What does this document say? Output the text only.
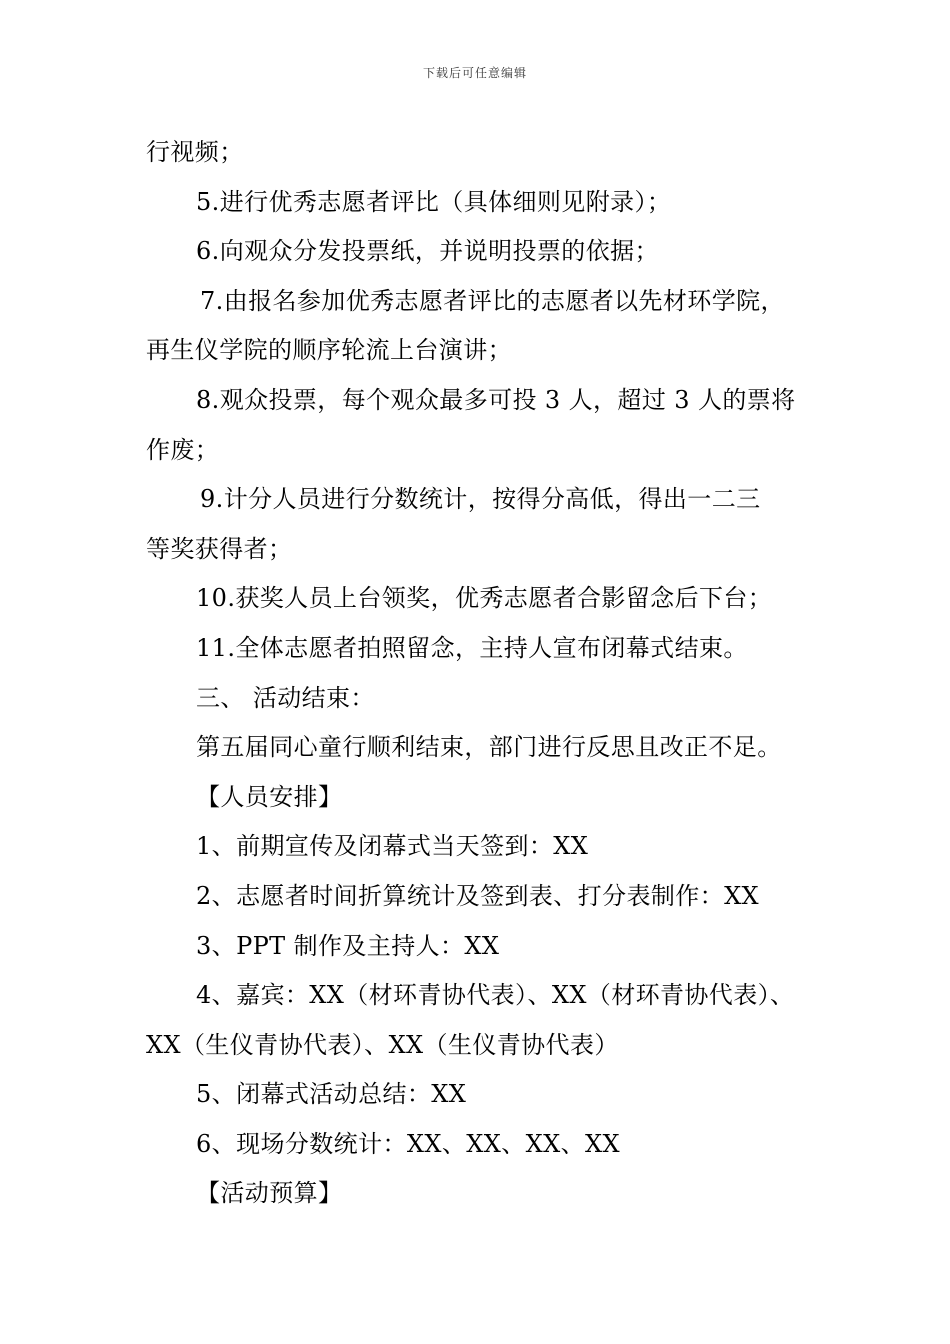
下载后可任意编辑
行视频；
5.进行优秀志愿者评比（具体细则见附录）；
6.向观众分发投票纸，并说明投票的依据；
7.由报名参加优秀志愿者评比的志愿者以先材环学院，
再生仪学院的顺序轮流上台演讲；
8.观众投票，每个观众最多可投 3 人，超过 3 人的票将
作废；
9.计分人员进行分数统计，按得分高低，得出一二三
等奖获得者；
10.获奖人员上台领奖，优秀志愿者合影留念后下台；
11.全体志愿者拍照留念，主持人宣布闭幕式结束。
三、 活动结束：
第五届同心童行顺利结束，部门进行反思且改正不足。
【人员安排】
1、前期宣传及闭幕式当天签到：XX
2、志愿者时间折算统计及签到表、打分表制作：XX
3、PPT 制作及主持人：XX
4、嘉宾：XX（材环青协代表）、XX（材环青协代表）、
XX（生仪青协代表）、XX（生仪青协代表）
5、闭幕式活动总结：XX
6、现场分数统计：XX、XX、XX、XX
【活动预算】
